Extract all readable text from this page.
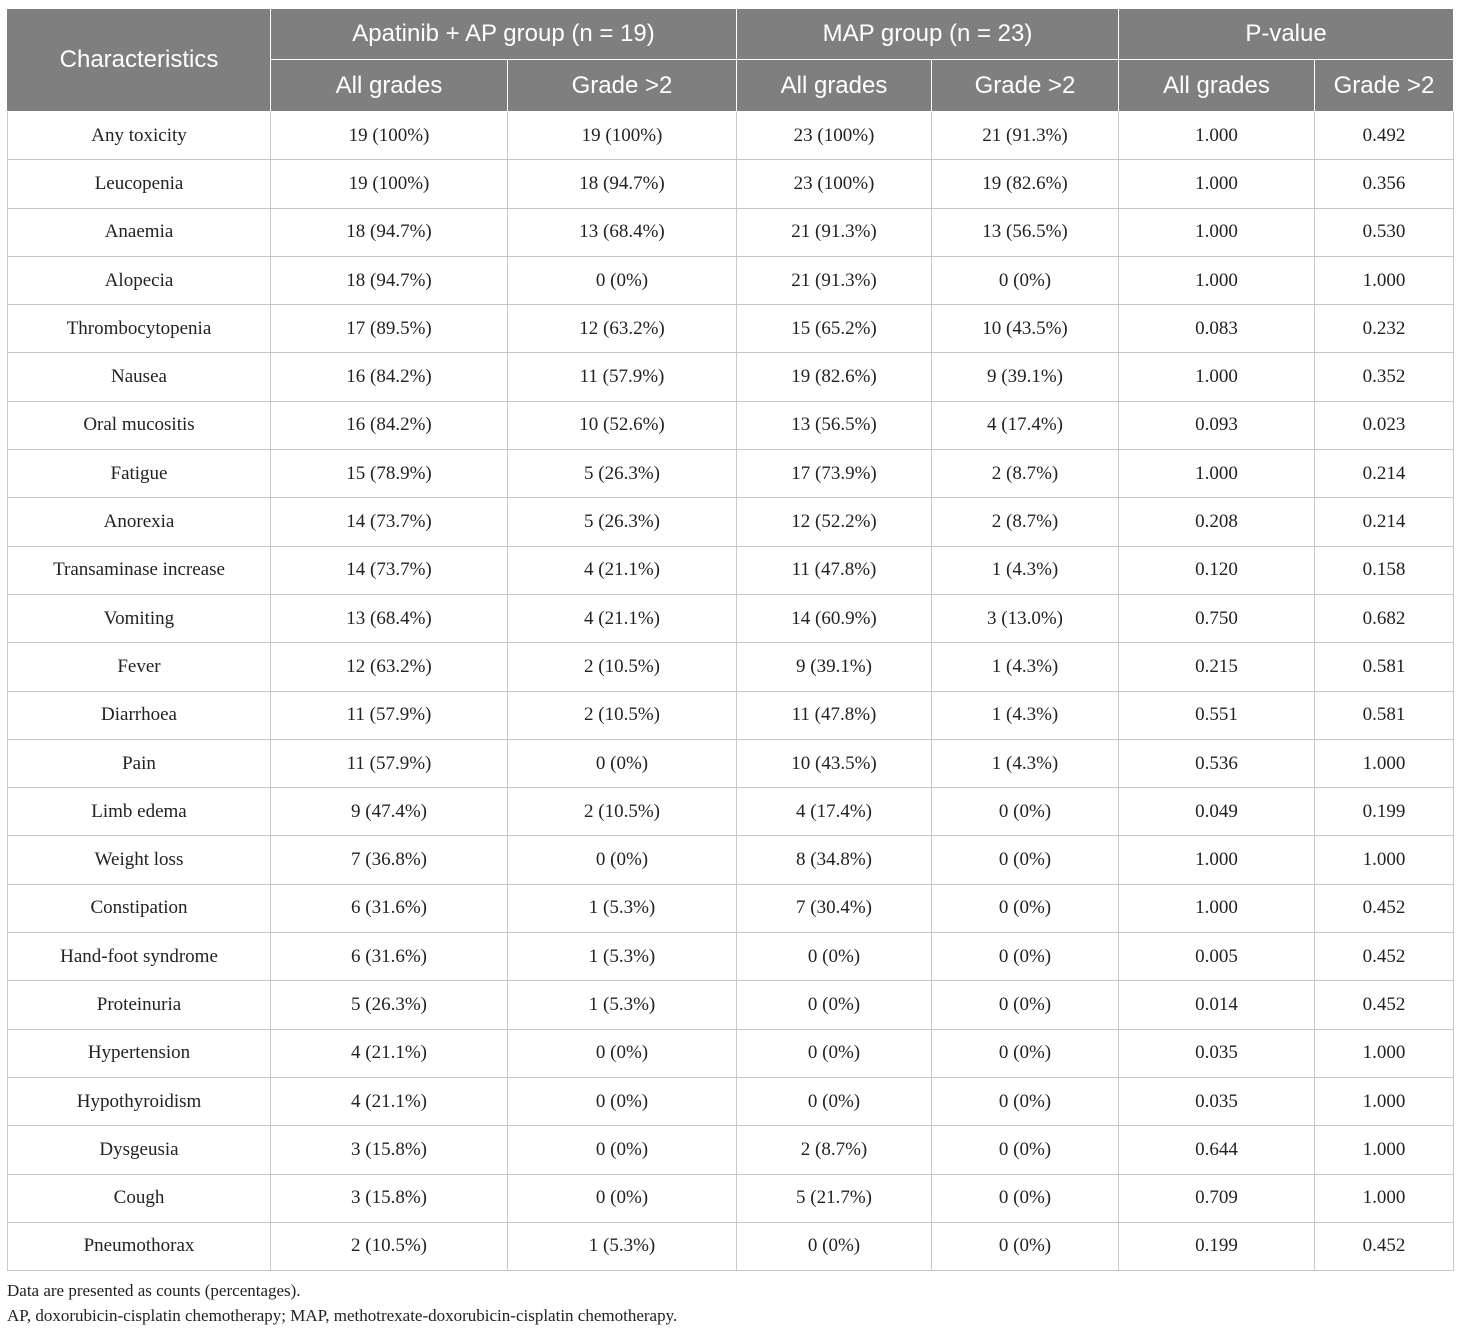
Characteristics	Apatinib + AP group (n = 19)		MAP group (n = 23)		P-value	
	All grades	Grade >2	All grades	Grade >2	All grades	Grade >2
Any toxicity	19 (100%)	19 (100%)	23 (100%)	21 (91.3%)	1.000	0.492
Leucopenia	19 (100%)	18 (94.7%)	23 (100%)	19 (82.6%)	1.000	0.356
Anaemia	18 (94.7%)	13 (68.4%)	21 (91.3%)	13 (56.5%)	1.000	0.530
Alopecia	18 (94.7%)	0 (0%)	21 (91.3%)	0 (0%)	1.000	1.000
Thrombocytopenia	17 (89.5%)	12 (63.2%)	15 (65.2%)	10 (43.5%)	0.083	0.232
Nausea	16 (84.2%)	11 (57.9%)	19 (82.6%)	9 (39.1%)	1.000	0.352
Oral mucositis	16 (84.2%)	10 (52.6%)	13 (56.5%)	4 (17.4%)	0.093	0.023
Fatigue	15 (78.9%)	5 (26.3%)	17 (73.9%)	2 (8.7%)	1.000	0.214
Anorexia	14 (73.7%)	5 (26.3%)	12 (52.2%)	2 (8.7%)	0.208	0.214
Transaminase increase	14 (73.7%)	4 (21.1%)	11 (47.8%)	1 (4.3%)	0.120	0.158
Vomiting	13 (68.4%)	4 (21.1%)	14 (60.9%)	3 (13.0%)	0.750	0.682
Fever	12 (63.2%)	2 (10.5%)	9 (39.1%)	1 (4.3%)	0.215	0.581
Diarrhoea	11 (57.9%)	2 (10.5%)	11 (47.8%)	1 (4.3%)	0.551	0.581
Pain	11 (57.9%)	0 (0%)	10 (43.5%)	1 (4.3%)	0.536	1.000
Limb edema	9 (47.4%)	2 (10.5%)	4 (17.4%)	0 (0%)	0.049	0.199
Weight loss	7 (36.8%)	0 (0%)	8 (34.8%)	0 (0%)	1.000	1.000
Constipation	6 (31.6%)	1 (5.3%)	7 (30.4%)	0 (0%)	1.000	0.452
Hand-foot syndrome	6 (31.6%)	1 (5.3%)	0 (0%)	0 (0%)	0.005	0.452
Proteinuria	5 (26.3%)	1 (5.3%)	0 (0%)	0 (0%)	0.014	0.452
Hypertension	4 (21.1%)	0 (0%)	0 (0%)	0 (0%)	0.035	1.000
Hypothyroidism	4 (21.1%)	0 (0%)	0 (0%)	0 (0%)	0.035	1.000
Dysgeusia	3 (15.8%)	0 (0%)	2 (8.7%)	0 (0%)	0.644	1.000
Cough	3 (15.8%)	0 (0%)	5 (21.7%)	0 (0%)	0.709	1.000
Pneumothorax	2 (10.5%)	1 (5.3%)	0 (0%)	0 (0%)	0.199	0.452
Data are presented as counts (percentages).
AP, doxorubicin-cisplatin chemotherapy; MAP, methotrexate-doxorubicin-cisplatin chemotherapy.
